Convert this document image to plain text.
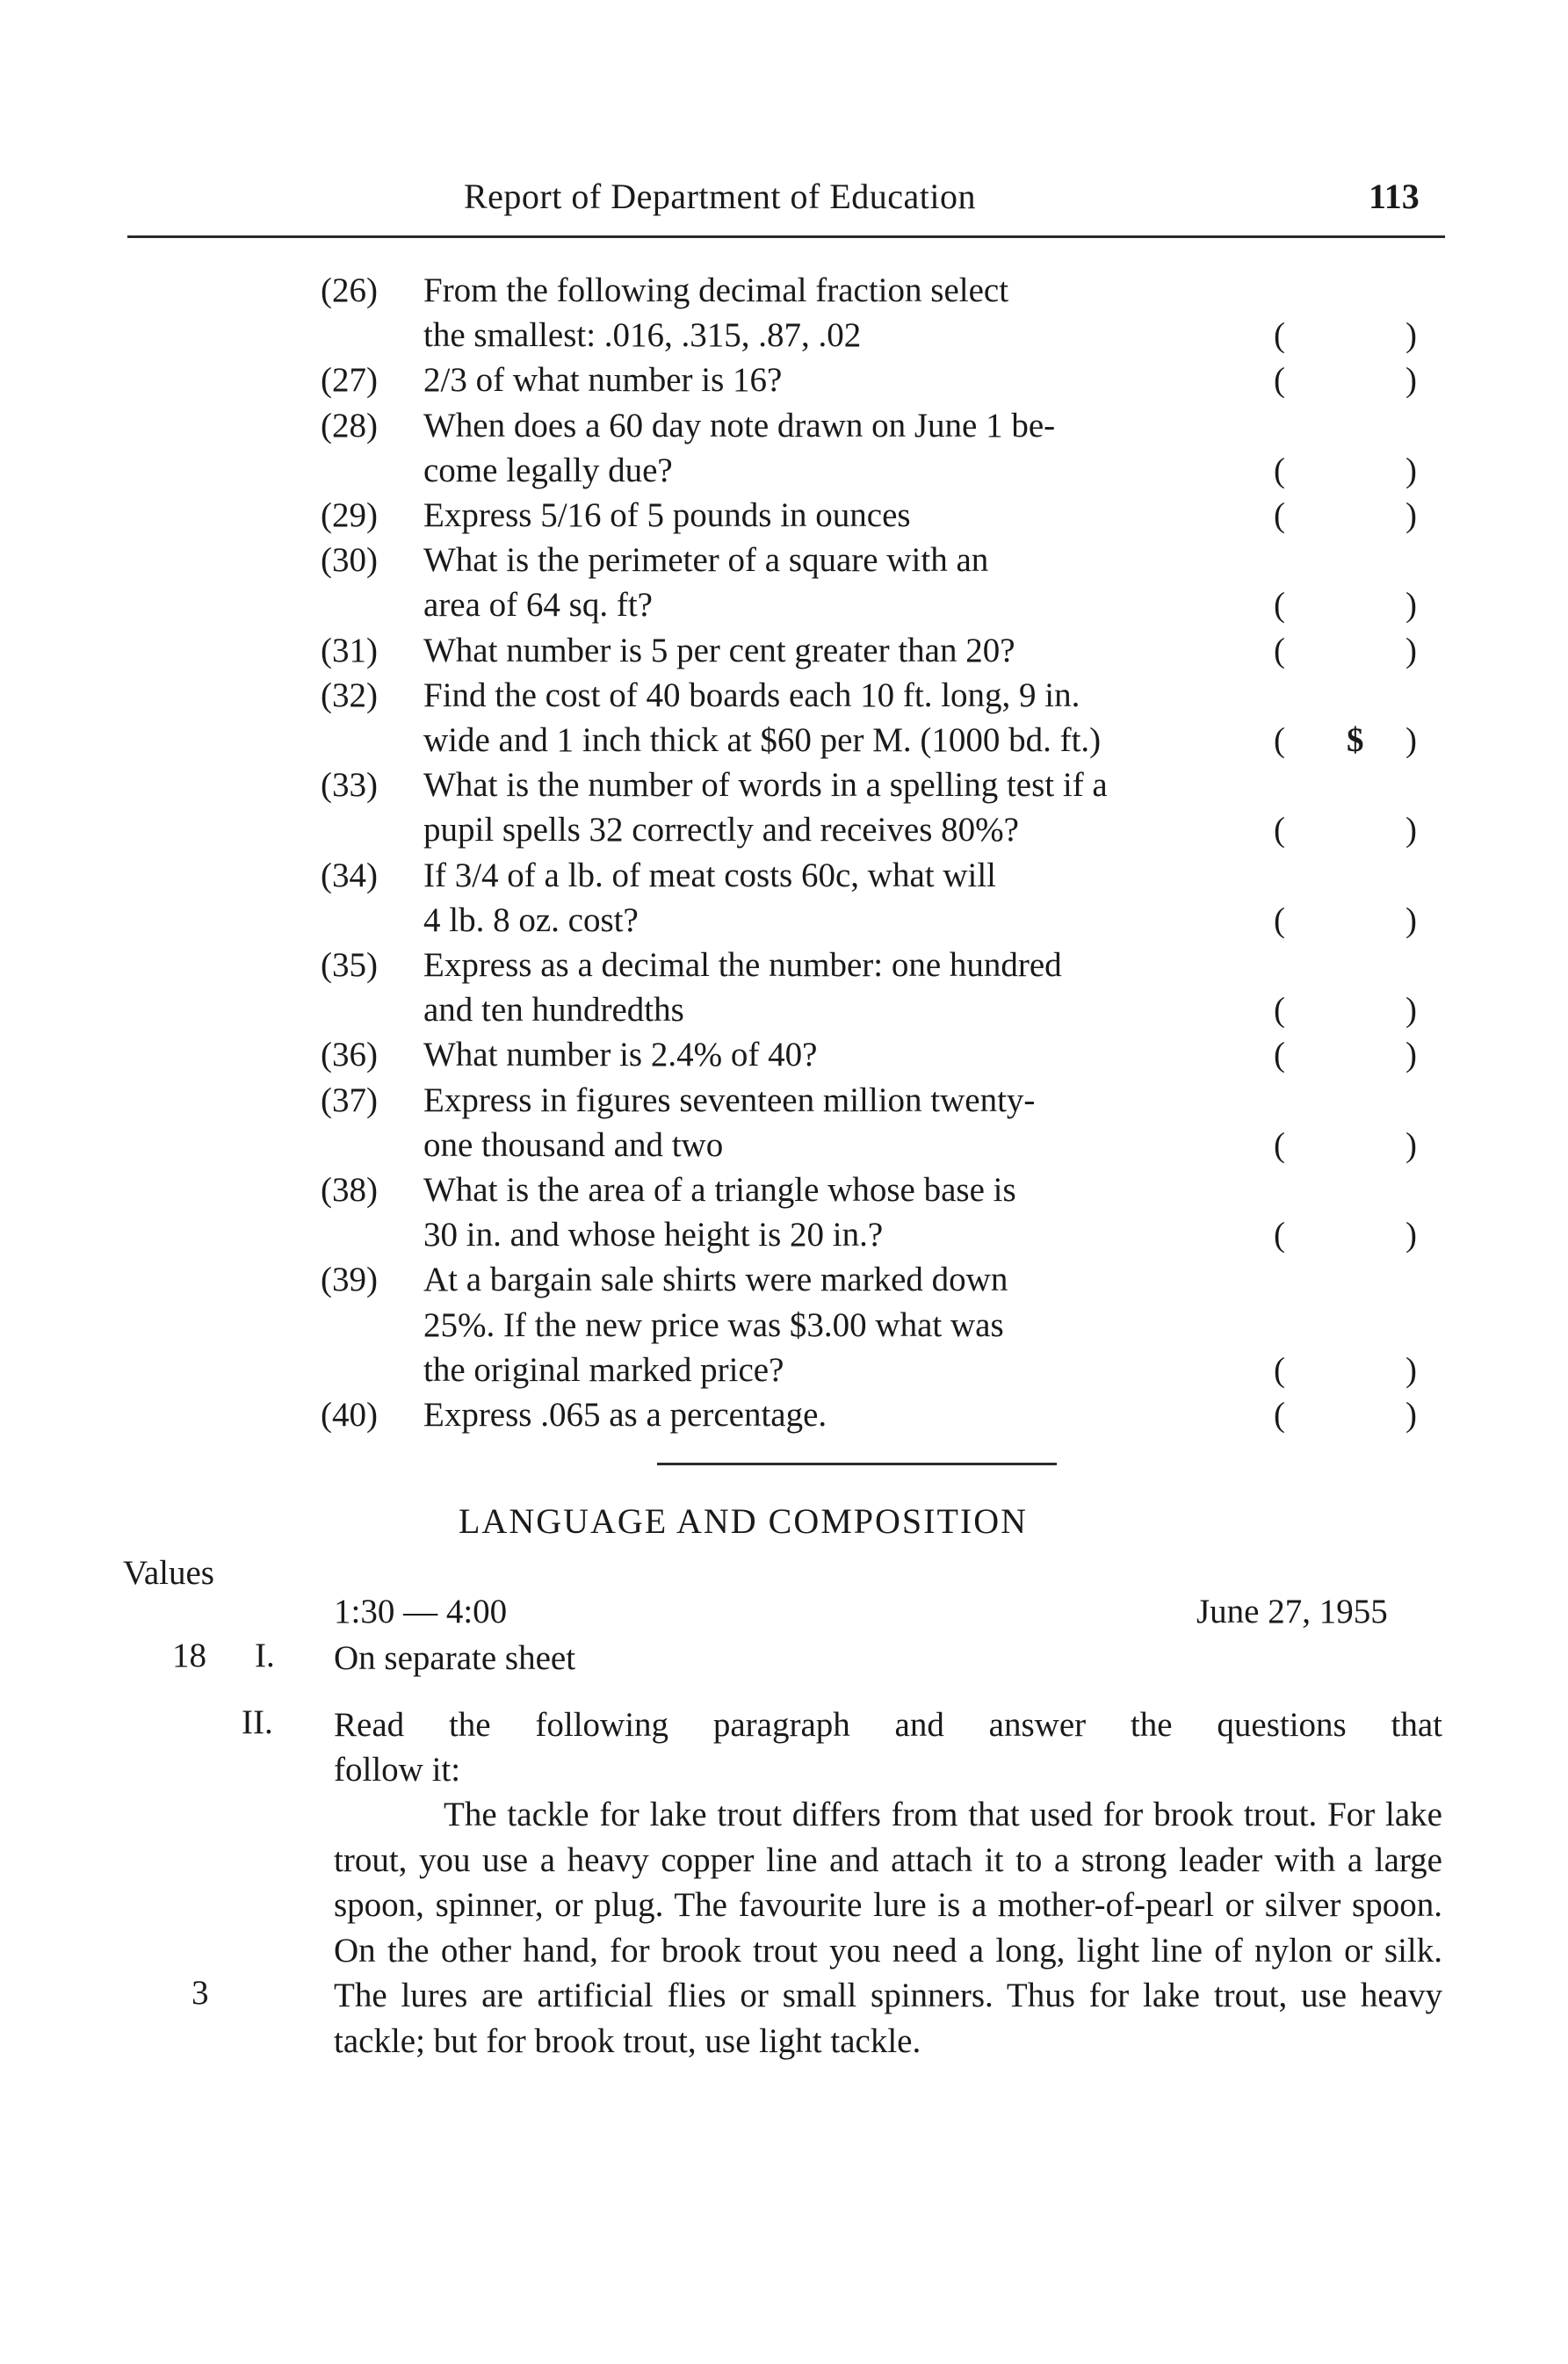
Report of Department of Education	113
(26) From the following decimal fraction select
the smallest: .016, .315, .87, .02	(	)
(27) 2/3 of what number is 16?	(	)
(28) When does a 60 day note drawn on June 1 be-
come legally due?	(	)
(29) Express 5/16 of 5 pounds in ounces	(	)
(30) What is the perimeter of a square with an
area of 64 sq. ft?	(	)
(31) What number is 5 per cent greater than 20?	(	)
(32) Find the cost of 40 boards each 10 ft. long, 9 in.
wide and 1 inch thick at $60 per M. (1000 bd. ft.)	( $ )
(33) What is the number of words in a spelling test if a
pupil spells 32 correctly and receives 80%?	(	)
(34) If 3/4 of a lb. of meat costs 60c, what will
4 lb. 8 oz. cost?	(	)
(35) Express as a decimal the number: one hundred
and ten hundredths	(	)
(36) What number is 2.4% of 40?	(	)
(37) Express in figures seventeen million twenty-
one thousand and two	(	)
(38) What is the area of a triangle whose base is
30 in. and whose height is 20 in.?	(	)
(39) At a bargain sale shirts were marked down
25%. If the new price was $3.00 what was
the original marked price?	(	)
(40) Express .065 as a percentage.	(	)
LANGUAGE AND COMPOSITION
Values
1:30 — 4:00	June 27, 1955
18 I. On separate sheet
II. Read the following paragraph and answer the questions that
follow it:
3
The tackle for lake trout differs from that used for brook trout. For lake trout, you use a heavy copper line and attach it to a strong leader with a large spoon, spinner, or plug. The favourite lure is a mother-of-pearl or silver spoon. On the other hand, for brook trout you need a long, light line of nylon or silk. The lures are artificial flies or small spinners. Thus for lake trout, use heavy tackle; but for brook trout, use light tackle.
